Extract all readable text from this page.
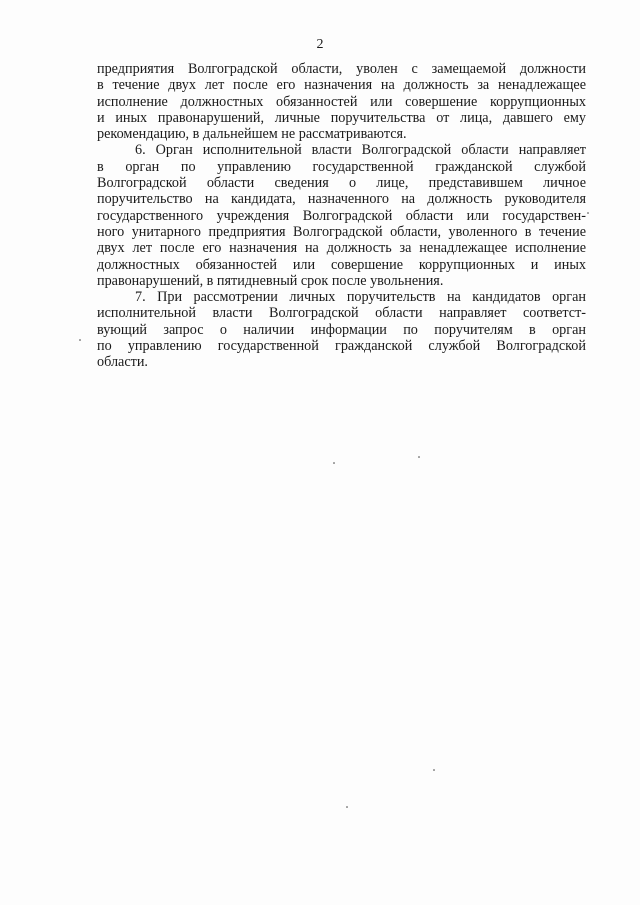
2
предприятия Волгоградской области, уволен с замещаемой должности
в течение двух лет после его назначения на должность за ненадлежащее
исполнение должностных обязанностей или совершение коррупционных
и иных правонарушений, личные поручительства от лица, давшего ему
рекомендацию, в дальнейшем не рассматриваются.
6. Орган исполнительной власти Волгоградской области направляет
в орган по управлению государственной гражданской службой
Волгоградской области сведения о лице, представившем личное
поручительство на кандидата, назначенного на должность руководителя
государственного учреждения Волгоградской области или государствен-
ного унитарного предприятия Волгоградской области, уволенного в течение
двух лет после его назначения на должность за ненадлежащее исполнение
должностных обязанностей или совершение коррупционных и иных
правонарушений, в пятидневный срок после увольнения.
7. При рассмотрении личных поручительств на кандидатов орган
исполнительной власти Волгоградской области направляет соответст-
вующий запрос о наличии информации по поручителям в орган
по управлению государственной гражданской службой Волгоградской
области.
